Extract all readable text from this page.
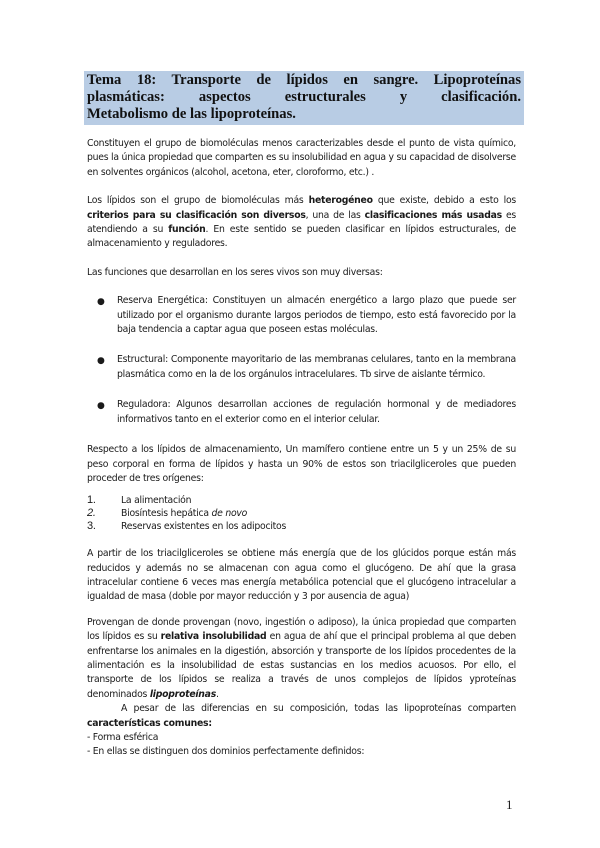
Tema 18: Transporte de lípidos en sangre. Lipoproteínas
plasmáticas: aspectos estructurales y clasificación.
Metabolismo de las lipoproteínas.

Constituyen el grupo de biomoléculas menos caracterizables desde el punto de vista químico, pues la única propiedad que comparten es su insolubilidad en agua y su capacidad de disolverse en solventes orgánicos (alcohol, acetona, eter, cloroformo, etc.) .

Los lípidos son el grupo de biomoléculas más heterogéneo que existe, debido a esto los criterios para su clasificación son diversos, una de las clasificaciones más usadas es atendiendo a su función. En este sentido se pueden clasificar en lípidos estructurales, de almacenamiento y reguladores.

Las funciones que desarrollan en los seres vivos son muy diversas:

● Reserva Energética: Constituyen un almacén energético a largo plazo que puede ser utilizado por el organismo durante largos periodos de tiempo, esto está favorecido por la baja tendencia a captar agua que poseen estas moléculas.
● Estructural: Componente mayoritario de las membranas celulares, tanto en la membrana plasmática como en la de los orgánulos intracelulares. Tb sirve de aislante térmico.
● Reguladora: Algunos desarrollan acciones de regulación hormonal y de mediadores informativos tanto en el exterior como en el interior celular.

Respecto a los lípidos de almacenamiento, Un mamífero contiene entre un 5 y un 25% de su peso corporal en forma de lípidos y hasta un 90% de estos son triacilgliceroles que pueden proceder de tres orígenes:

1.	La alimentación
2.	Biosíntesis hepática de novo
3.	Reservas existentes en los adipocitos

A partir de los triacilgliceroles se obtiene más energía que de los glúcidos porque están más reducidos y además no se almacenan con agua como el glucógeno. De ahí que la grasa intracelular contiene 6 veces mas energía metabólica potencial que el glucógeno intracelular a igualdad de masa (doble por mayor reducción y 3 por ausencia de agua)

Provengan de donde provengan (novo, ingestión o adiposo), la única propiedad que comparten los lípidos es su relativa insolubilidad en agua de ahí que el principal problema al que deben enfrentarse los animales en la digestión, absorción y transporte de los lípidos procedentes de la alimentación es la insolubilidad de estas sustancias en los medios acuosos. Por ello, el transporte de los lípidos se realiza a través de unos complejos de lípidos yproteínas denominados lipoproteínas.

A pesar de las diferencias en su composición, todas las lipoproteínas comparten características comunes:

- Forma esférica

- En ellas se distinguen dos dominios perfectamente definidos:

1
